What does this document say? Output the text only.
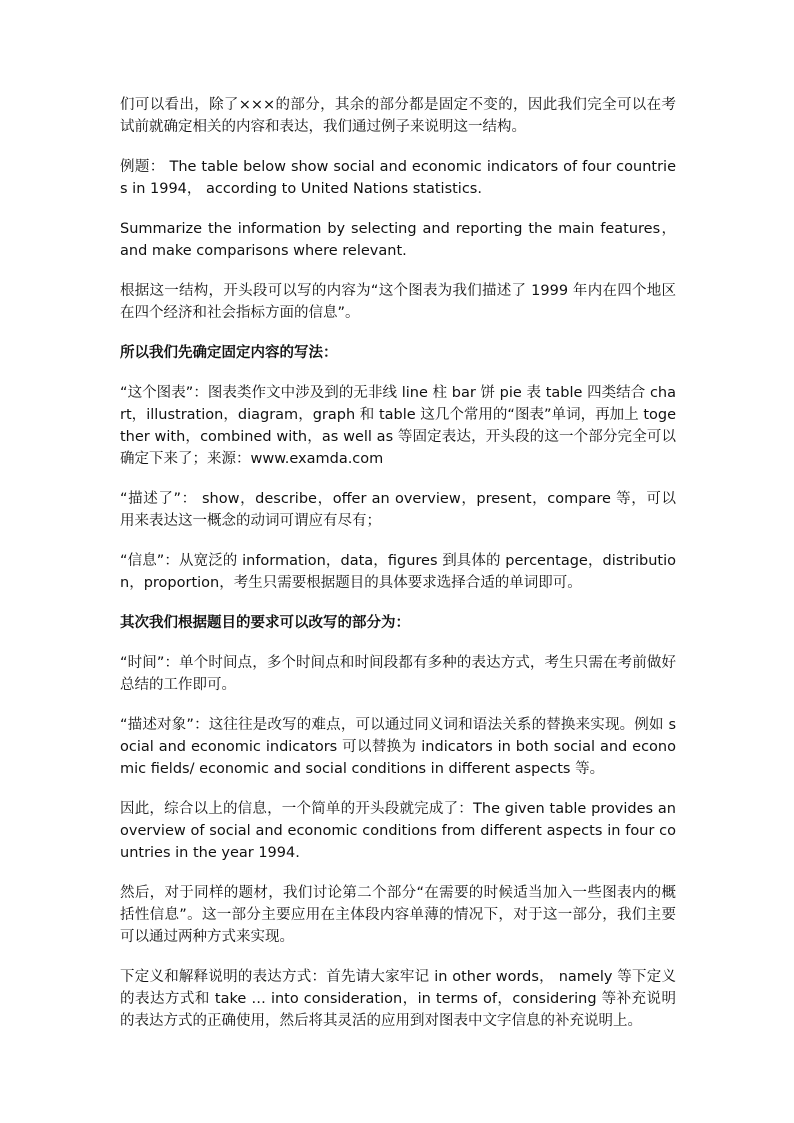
们可以看出，除了×××的部分，其余的部分都是固定不变的，因此我们完全可以在考试前就确定相关的内容和表达，我们通过例子来说明这一结构。

例题： The table below show social and economic indicators of four countries in 1994， according to United Nations statistics.

Summarize the information by selecting and reporting the main features， and make comparisons where relevant.

根据这一结构，开头段可以写的内容为“这个图表为我们描述了 1999 年内在四个地区在四个经济和社会指标方面的信息”。

所以我们先确定固定内容的写法：

“这个图表”：图表类作文中涉及到的无非线 line 柱 bar 饼 pie 表 table 四类结合 chart，illustration，diagram，graph 和 table 这几个常用的“图表”单词，再加上 together with，combined with，as well as 等固定表达，开头段的这一个部分完全可以确定下来了；来源：www.examda.com

“描述了”： show，describe，offer an overview，present，compare 等，可以用来表达这一概念的动词可谓应有尽有；

“信息”：从宽泛的 information，data，figures 到具体的 percentage，distribution，proportion，考生只需要根据题目的具体要求选择合适的单词即可。

其次我们根据题目的要求可以改写的部分为：

“时间”：单个时间点，多个时间点和时间段都有多种的表达方式，考生只需在考前做好总结的工作即可。

“描述对象”：这往往是改写的难点，可以通过同义词和语法关系的替换来实现。例如 social and economic indicators 可以替换为 indicators in both social and economic fields/ economic and social conditions in different aspects 等。

因此，综合以上的信息，一个简单的开头段就完成了：The given table provides an overview of social and economic conditions from different aspects in four countries in the year 1994.

然后，对于同样的题材，我们讨论第二个部分“在需要的时候适当加入一些图表内的概括性信息”。这一部分主要应用在主体段内容单薄的情况下，对于这一部分，我们主要可以通过两种方式来实现。

下定义和解释说明的表达方式：首先请大家牢记 in other words， namely 等下定义的表达方式和 take … into consideration，in terms of，considering 等补充说明的表达方式的正确使用，然后将其灵活的应用到对图表中文字信息的补充说明上。
